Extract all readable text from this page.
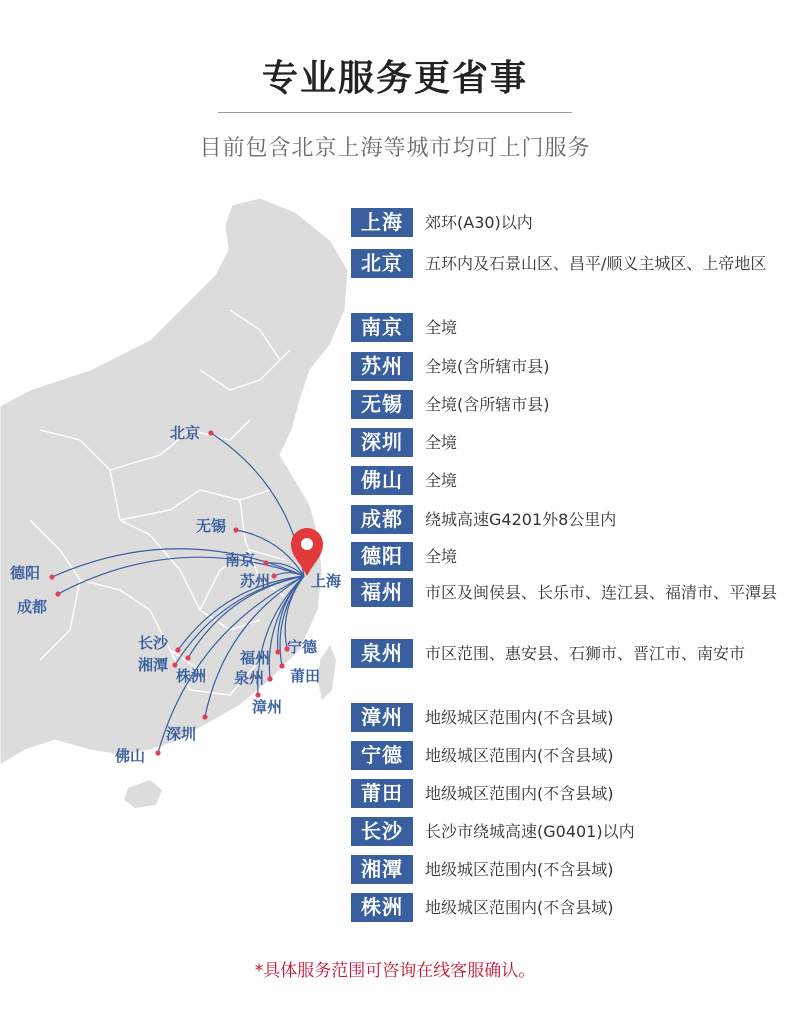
专业服务更省事
目前包含北京上海等城市均可上门服务
北京
无锡
南京
苏州
德阳
成都
长沙
湘潭
株洲
福州
泉州
宁德
莆田
漳州
深圳
佛山
上海
上海	郊环(A30)以内
北京	五环内及石景山区、昌平/顺义主城区、上帝地区
南京	全境
苏州	全境(含所辖市县)
无锡	全境(含所辖市县)
深圳	全境
佛山	全境
成都	绕城高速G4201外8公里内
德阳	全境
福州	市区及闽侯县、长乐市、连江县、福清市、平潭县
泉州	市区范围、惠安县、石狮市、晋江市、南安市
漳州	地级城区范围内(不含县域)
宁德	地级城区范围内(不含县域)
莆田	地级城区范围内(不含县域)
长沙	长沙市绕城高速(G0401)以内
湘潭	地级城区范围内(不含县域)
株洲	地级城区范围内(不含县域)
*具体服务范围可咨询在线客服确认。
